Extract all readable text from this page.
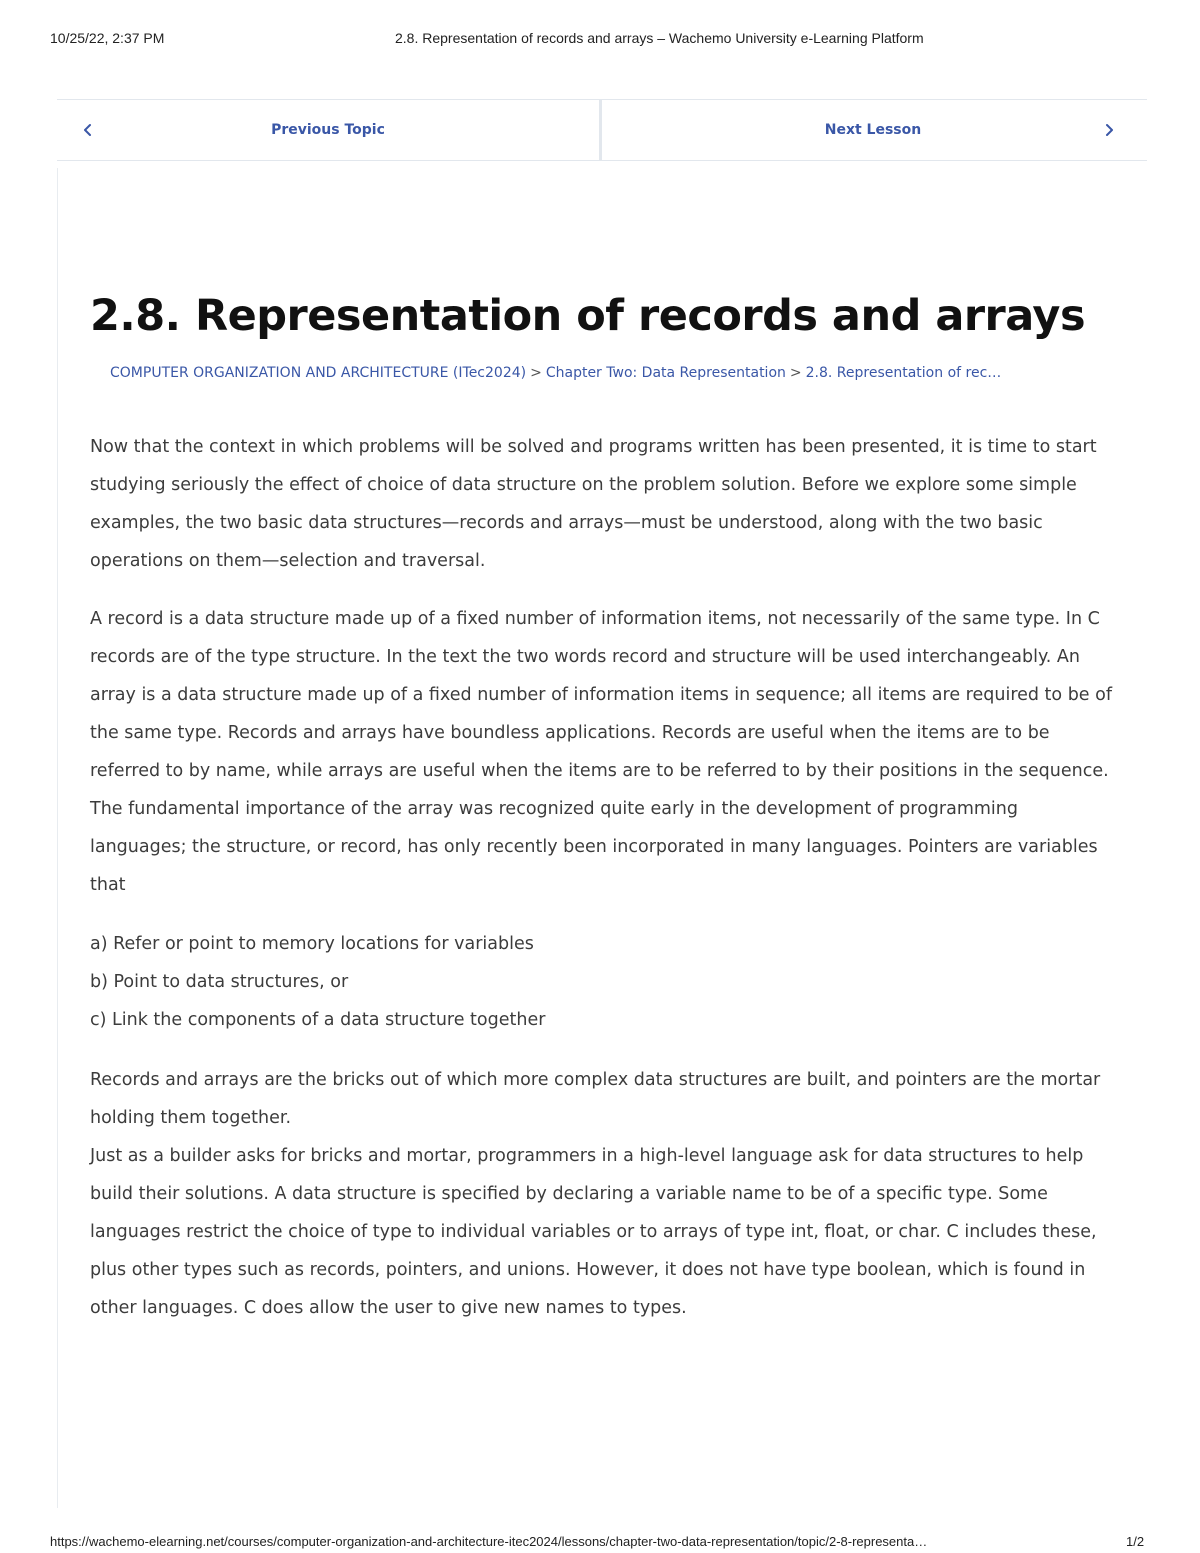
10/25/22, 2:37 PM	2.8. Representation of records and arrays – Wachemo University e-Learning Platform
Previous Topic	Next Lesson
2.8. Representation of records and arrays
COMPUTER ORGANIZATION AND ARCHITECTURE (ITec2024) > Chapter Two: Data Representation > 2.8. Representation of rec…

Now that the context in which problems will be solved and programs written has been presented, it is time to start studying seriously the effect of choice of data structure on the problem solution. Before we explore some simple examples, the two basic data structures—records and arrays—must be understood, along with the two basic operations on them—selection and traversal.

A record is a data structure made up of a fixed number of information items, not necessarily of the same type. In C records are of the type structure. In the text the two words record and structure will be used interchangeably. An array is a data structure made up of a fixed number of information items in sequence; all items are required to be of the same type. Records and arrays have boundless applications. Records are useful when the items are to be referred to by name, while arrays are useful when the items are to be referred to by their positions in the sequence. The fundamental importance of the array was recognized quite early in the development of programming languages; the structure, or record, has only recently been incorporated in many languages. Pointers are variables that

a) Refer or point to memory locations for variables
b) Point to data structures, or
c) Link the components of a data structure together

Records and arrays are the bricks out of which more complex data structures are built, and pointers are the mortar holding them together.

Just as a builder asks for bricks and mortar, programmers in a high-level language ask for data structures to help build their solutions. A data structure is specified by declaring a variable name to be of a specific type. Some languages restrict the choice of type to individual variables or to arrays of type int, float, or char. C includes these, plus other types such as records, pointers, and unions. However, it does not have type boolean, which is found in other languages. C does allow the user to give new names to types.

https://wachemo-elearning.net/courses/computer-organization-and-architecture-itec2024/lessons/chapter-two-data-representation/topic/2-8-representa…	1/2
